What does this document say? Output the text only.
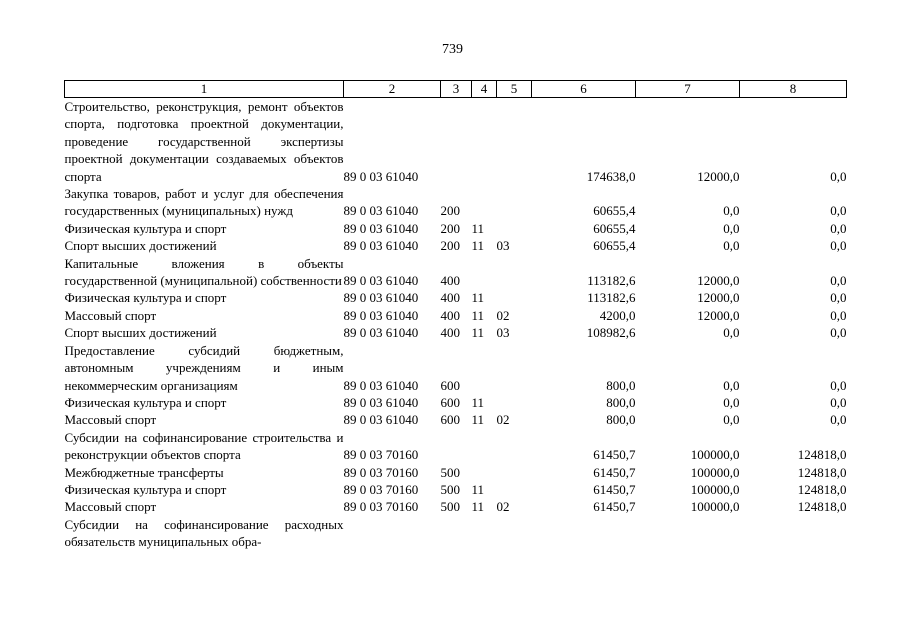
739
1	2	3	4	5	6	7	8
Строительство, реконструкция, ремонт объектов спорта, подготовка проектной документации, проведение государственной экспертизы проектной документации создаваемых объектов спорта	89 0 03 61040				174638,0	12000,0	0,0
Закупка товаров, работ и услуг для обеспечения государственных (муниципальных) нужд	89 0 03 61040	200			60655,4	0,0	0,0
Физическая культура и спорт	89 0 03 61040	200	11		60655,4	0,0	0,0
Спорт высших достижений	89 0 03 61040	200	11	03	60655,4	0,0	0,0
Капитальные вложения в объекты государственной (муниципальной) собственности	89 0 03 61040	400			113182,6	12000,0	0,0
Физическая культура и спорт	89 0 03 61040	400	11		113182,6	12000,0	0,0
Массовый спорт	89 0 03 61040	400	11	02	4200,0	12000,0	0,0
Спорт высших достижений	89 0 03 61040	400	11	03	108982,6	0,0	0,0
Предоставление субсидий бюджетным, автономным учреждениям и иным некоммерческим организациям	89 0 03 61040	600			800,0	0,0	0,0
Физическая культура и спорт	89 0 03 61040	600	11		800,0	0,0	0,0
Массовый спорт	89 0 03 61040	600	11	02	800,0	0,0	0,0
Субсидии на софинансирование строительства и реконструкции объектов спорта	89 0 03 70160				61450,7	100000,0	124818,0
Межбюджетные трансферты	89 0 03 70160	500			61450,7	100000,0	124818,0
Физическая культура и спорт	89 0 03 70160	500	11		61450,7	100000,0	124818,0
Массовый спорт	89 0 03 70160	500	11	02	61450,7	100000,0	124818,0
Субсидии на софинансирование расходных обязательств муниципальных обра-							
